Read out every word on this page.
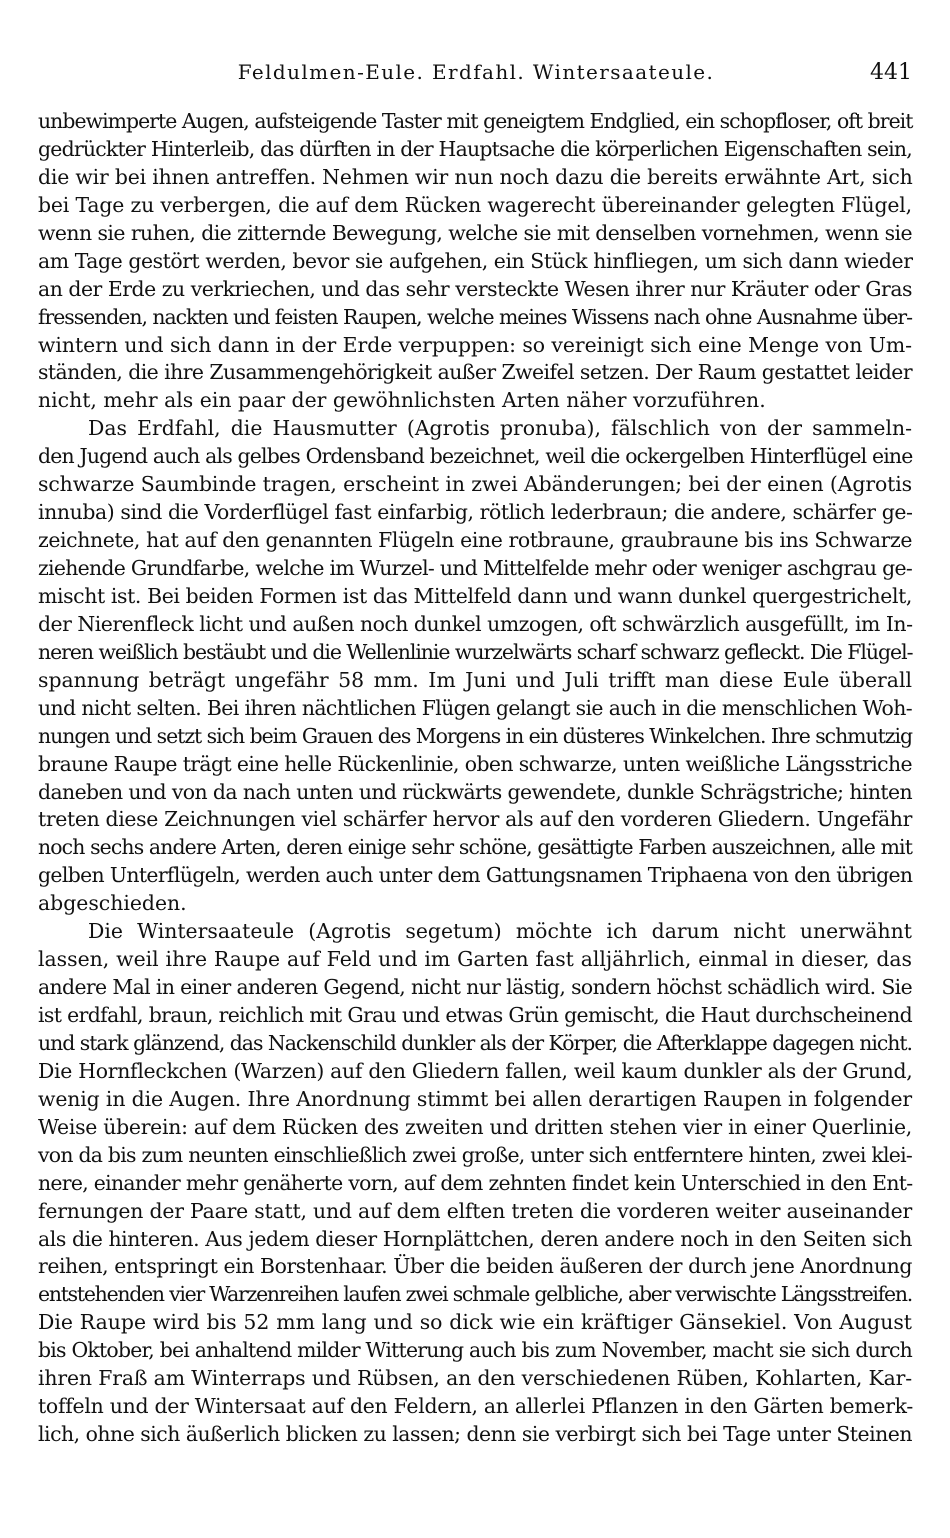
Feldulmen-Eule. Erdfahl. Wintersaateule.	441
unbewimperte Augen, aufsteigende Taster mit geneigtem Endglied, ein schopfloser, oft breit
gedrückter Hinterleib, das dürften in der Hauptsache die körperlichen Eigenschaften sein,
die wir bei ihnen antreffen. Nehmen wir nun noch dazu die bereits erwähnte Art, sich
bei Tage zu verbergen, die auf dem Rücken wagerecht übereinander gelegten Flügel,
wenn sie ruhen, die zitternde Bewegung, welche sie mit denselben vornehmen, wenn sie
am Tage gestört werden, bevor sie aufgehen, ein Stück hinfliegen, um sich dann wieder
an der Erde zu verkriechen, und das sehr versteckte Wesen ihrer nur Kräuter oder Gras
fressenden, nackten und feisten Raupen, welche meines Wissens nach ohne Ausnahme über-
wintern und sich dann in der Erde verpuppen: so vereinigt sich eine Menge von Um-
ständen, die ihre Zusammengehörigkeit außer Zweifel setzen. Der Raum gestattet leider
nicht, mehr als ein paar der gewöhnlichsten Arten näher vorzuführen.
Das Erdfahl, die Hausmutter (Agrotis pronuba), fälschlich von der sammeln-
den Jugend auch als gelbes Ordensband bezeichnet, weil die ockergelben Hinterflügel eine
schwarze Saumbinde tragen, erscheint in zwei Abänderungen; bei der einen (Agrotis
innuba) sind die Vorderflügel fast einfarbig, rötlich lederbraun; die andere, schärfer ge-
zeichnete, hat auf den genannten Flügeln eine rotbraune, graubraune bis ins Schwarze
ziehende Grundfarbe, welche im Wurzel- und Mittelfelde mehr oder weniger aschgrau ge-
mischt ist. Bei beiden Formen ist das Mittelfeld dann und wann dunkel quergestrichelt,
der Nierenfleck licht und außen noch dunkel umzogen, oft schwärzlich ausgefüllt, im In-
neren weißlich bestäubt und die Wellenlinie wurzelwärts scharf schwarz gefleckt. Die Flügel-
spannung beträgt ungefähr 58 mm. Im Juni und Juli trifft man diese Eule überall
und nicht selten. Bei ihren nächtlichen Flügen gelangt sie auch in die menschlichen Woh-
nungen und setzt sich beim Grauen des Morgens in ein düsteres Winkelchen. Ihre schmutzig
braune Raupe trägt eine helle Rückenlinie, oben schwarze, unten weißliche Längsstriche
daneben und von da nach unten und rückwärts gewendete, dunkle Schrägstriche; hinten
treten diese Zeichnungen viel schärfer hervor als auf den vorderen Gliedern. Ungefähr
noch sechs andere Arten, deren einige sehr schöne, gesättigte Farben auszeichnen, alle mit
gelben Unterflügeln, werden auch unter dem Gattungsnamen Triphaena von den übrigen
abgeschieden.
Die Wintersaateule (Agrotis segetum) möchte ich darum nicht unerwähnt
lassen, weil ihre Raupe auf Feld und im Garten fast alljährlich, einmal in dieser, das
andere Mal in einer anderen Gegend, nicht nur lästig, sondern höchst schädlich wird. Sie
ist erdfahl, braun, reichlich mit Grau und etwas Grün gemischt, die Haut durchscheinend
und stark glänzend, das Nackenschild dunkler als der Körper, die Afterklappe dagegen nicht.
Die Hornfleckchen (Warzen) auf den Gliedern fallen, weil kaum dunkler als der Grund,
wenig in die Augen. Ihre Anordnung stimmt bei allen derartigen Raupen in folgender
Weise überein: auf dem Rücken des zweiten und dritten stehen vier in einer Querlinie,
von da bis zum neunten einschließlich zwei große, unter sich entferntere hinten, zwei klei-
nere, einander mehr genäherte vorn, auf dem zehnten findet kein Unterschied in den Ent-
fernungen der Paare statt, und auf dem elften treten die vorderen weiter auseinander
als die hinteren. Aus jedem dieser Hornplättchen, deren andere noch in den Seiten sich
reihen, entspringt ein Borstenhaar. Über die beiden äußeren der durch jene Anordnung
entstehenden vier Warzenreihen laufen zwei schmale gelbliche, aber verwischte Längsstreifen.
Die Raupe wird bis 52 mm lang und so dick wie ein kräftiger Gänsekiel. Von August
bis Oktober, bei anhaltend milder Witterung auch bis zum November, macht sie sich durch
ihren Fraß am Winterraps und Rübsen, an den verschiedenen Rüben, Kohlarten, Kar-
toffeln und der Wintersaat auf den Feldern, an allerlei Pflanzen in den Gärten bemerk-
lich, ohne sich äußerlich blicken zu lassen; denn sie verbirgt sich bei Tage unter Steinen
